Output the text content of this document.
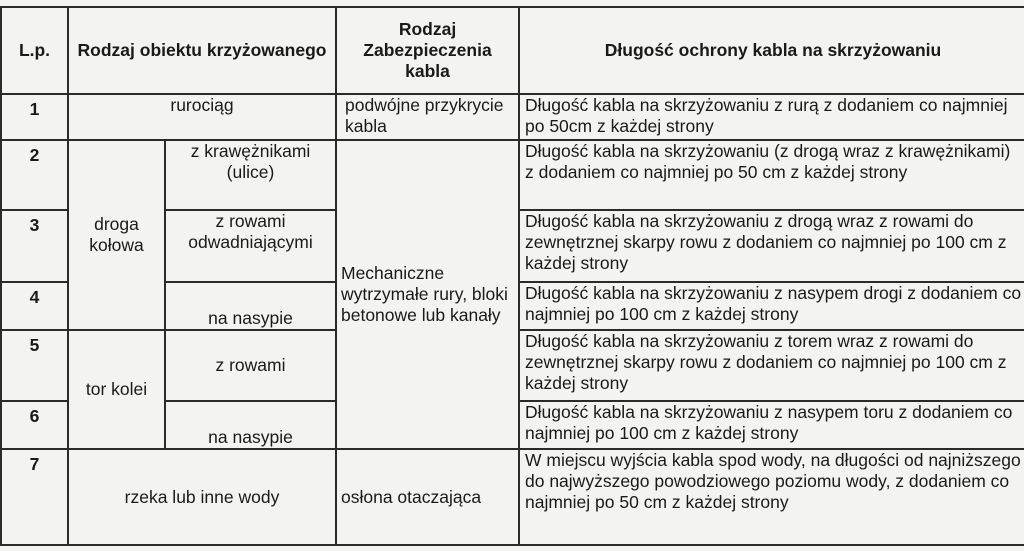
L.p.	Rodzaj obiektu krzyżowanego		Rodzaj Zabezpieczenia kabla	Długość ochrony kabla na skrzyżowaniu
1	rurociąg		podwójne przykrycie kabla	Długość kabla na skrzyżowaniu z rurą z dodaniem co najmniej po 50cm z każdej strony
2	droga kołowa	z krawężnikami (ulice)	Mechaniczne wytrzymałe rury, bloki betonowe lub kanały	Długość kabla na skrzyżowaniu (z drogą wraz z krawężnikami) z dodaniem co najmniej po 50 cm z każdej strony
3		z rowami odwadniającymi		Długość kabla na skrzyżowaniu z drogą wraz z rowami do zewnętrznej skarpy rowu z dodaniem co najmniej po 100 cm z każdej strony
4		na nasypie		Długość kabla na skrzyżowaniu z nasypem drogi z dodaniem co najmniej po 100 cm z każdej strony
5	tor kolei	z rowami		Długość kabla na skrzyżowaniu z torem wraz z rowami do zewnętrznej skarpy rowu z dodaniem co najmniej po 100 cm z każdej strony
6		na nasypie		Długość kabla na skrzyżowaniu z nasypem toru z dodaniem co najmniej po 100 cm z każdej strony
7	rzeka lub inne wody		osłona otaczająca	W miejscu wyjścia kabla spod wody, na długości od najniższego do najwyższego powodziowego poziomu wody, z dodaniem co najmniej po 50 cm z każdej strony
